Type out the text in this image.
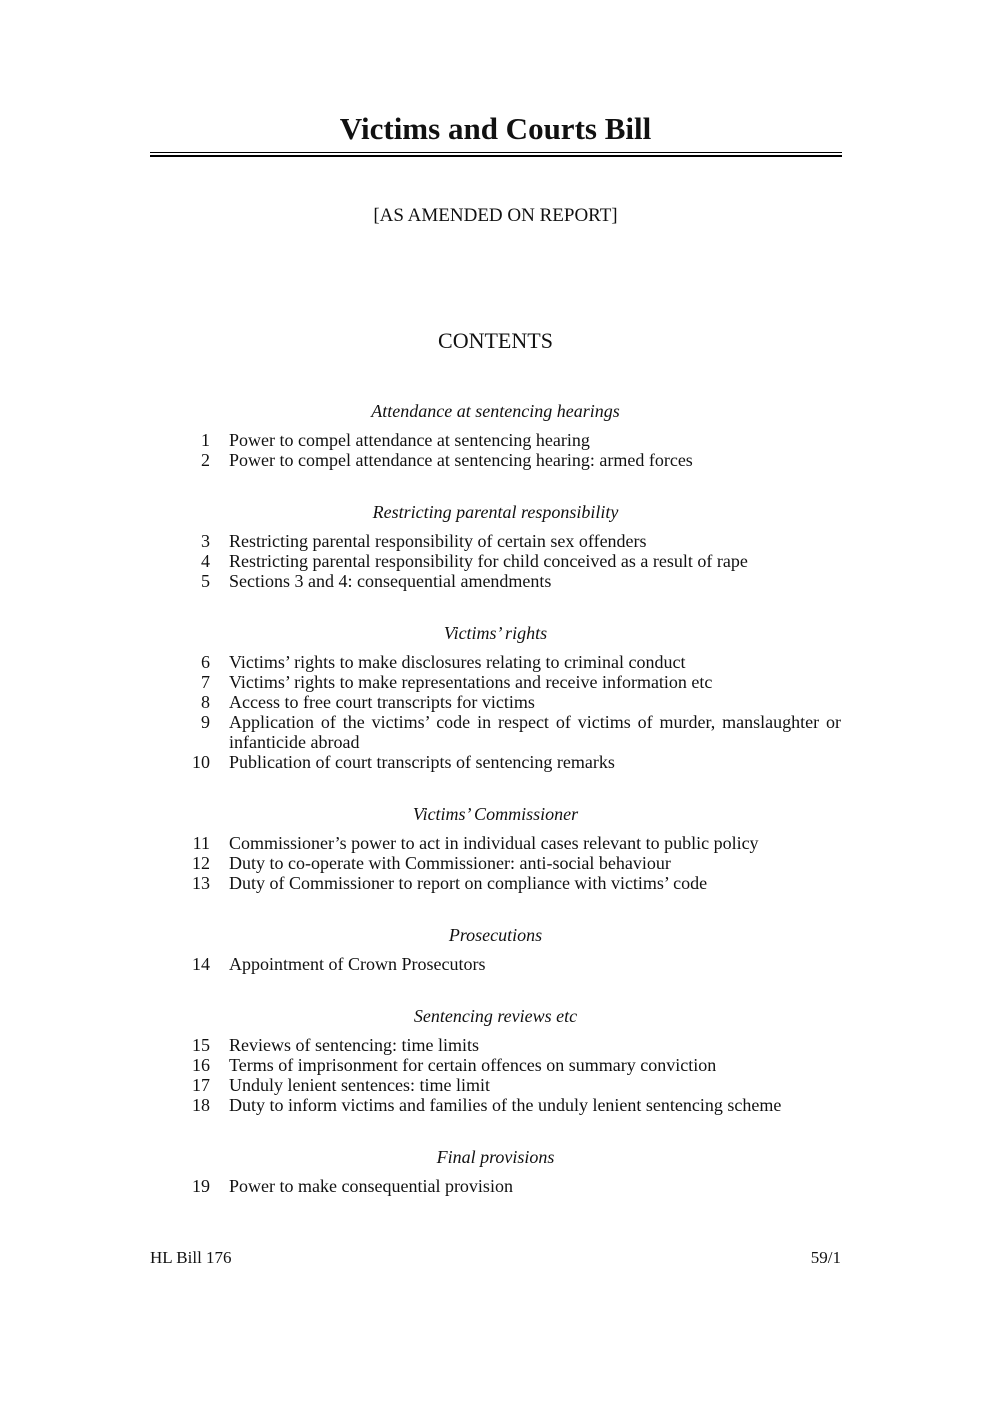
Victims and Courts Bill
[AS AMENDED ON REPORT]
CONTENTS
Attendance at sentencing hearings
1	Power to compel attendance at sentencing hearing
2	Power to compel attendance at sentencing hearing: armed forces
Restricting parental responsibility
3	Restricting parental responsibility of certain sex offenders
4	Restricting parental responsibility for child conceived as a result of rape
5	Sections 3 and 4: consequential amendments
Victims’ rights
6	Victims’ rights to make disclosures relating to criminal conduct
7	Victims’ rights to make representations and receive information etc
8	Access to free court transcripts for victims
9	Application of the victims’ code in respect of victims of murder, manslaughter or infanticide abroad
10	Publication of court transcripts of sentencing remarks
Victims’ Commissioner
11	Commissioner’s power to act in individual cases relevant to public policy
12	Duty to co-operate with Commissioner: anti-social behaviour
13	Duty of Commissioner to report on compliance with victims’ code
Prosecutions
14	Appointment of Crown Prosecutors
Sentencing reviews etc
15	Reviews of sentencing: time limits
16	Terms of imprisonment for certain offences on summary conviction
17	Unduly lenient sentences: time limit
18	Duty to inform victims and families of the unduly lenient sentencing scheme
Final provisions
19	Power to make consequential provision
HL Bill 176	59/1
